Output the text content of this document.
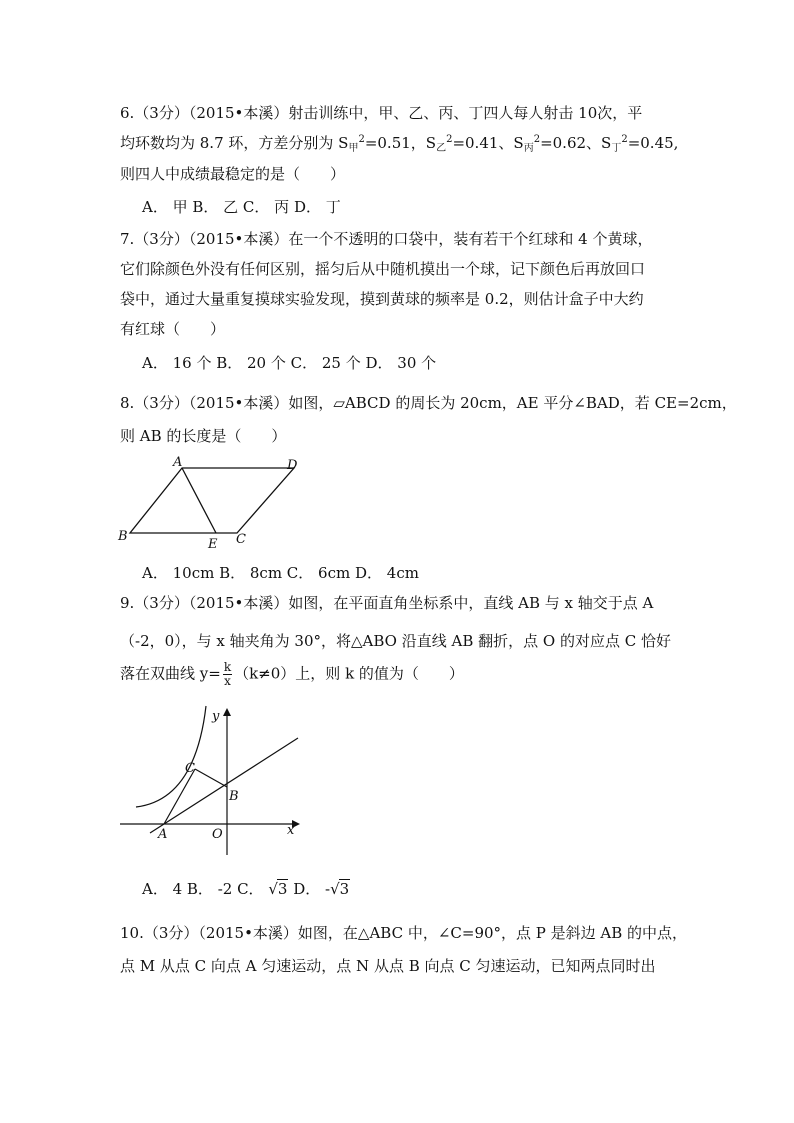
6.（3分）（2015•本溪）射击训练中，甲、乙、丙、丁四人每人射击 10次，平
均环数均为 8.7 环，方差分别为 $S_甲^2=0.51$，$S_乙^2=0.41$、$S_丙^2=0.62$、$S_丁^2=0.45$,
则四人中成绩最稳定的是（　　）
A． 甲 B． 乙 C． 丙 D． 丁
7.（3分）（2015•本溪）在一个不透明的口袋中，装有若干个红球和 4 个黄球，
它们除颜色外没有任何区别，摇匀后从中随机摸出一个球，记下颜色后再放回口
袋中，通过大量重复摸球实验发现，摸到黄球的频率是 0.2，则估计盒子中大约
有红球（　　）
A． 16 个 B． 20 个 C． 25 个 D． 30 个
8.（3分）（2015•本溪）如图，▱ABCD 的周长为 20cm，AE 平分∠BAD，若 CE=2cm，
则 AB 的长度是（　　）
A	D
B
E C
A． 10cm B． 8cm C． 6cm D． 4cm
9.（3分）（2015•本溪）如图，在平面直角坐标系中，直线 AB 与 x 轴交于点 A
（-2，0），与 x 轴夹角为 30°，将△ABO 沿直线 AB 翻折，点 O 的对应点 C 恰好
落在双曲线 $y= \frac{k}{x} (k\ne 0)$上，则 k 的值为（　　）
y
C
B
A	O	x
A． 4 B． -2 C． √3 D． -√3
10.（3分）（2015•本溪）如图，在△ABC 中，∠C=90°，点 P 是斜边 AB 的中点，
点 M 从点 C 向点 A 匀速运动，点 N 从点 B 向点 C 匀速运动，已知两点同时出
